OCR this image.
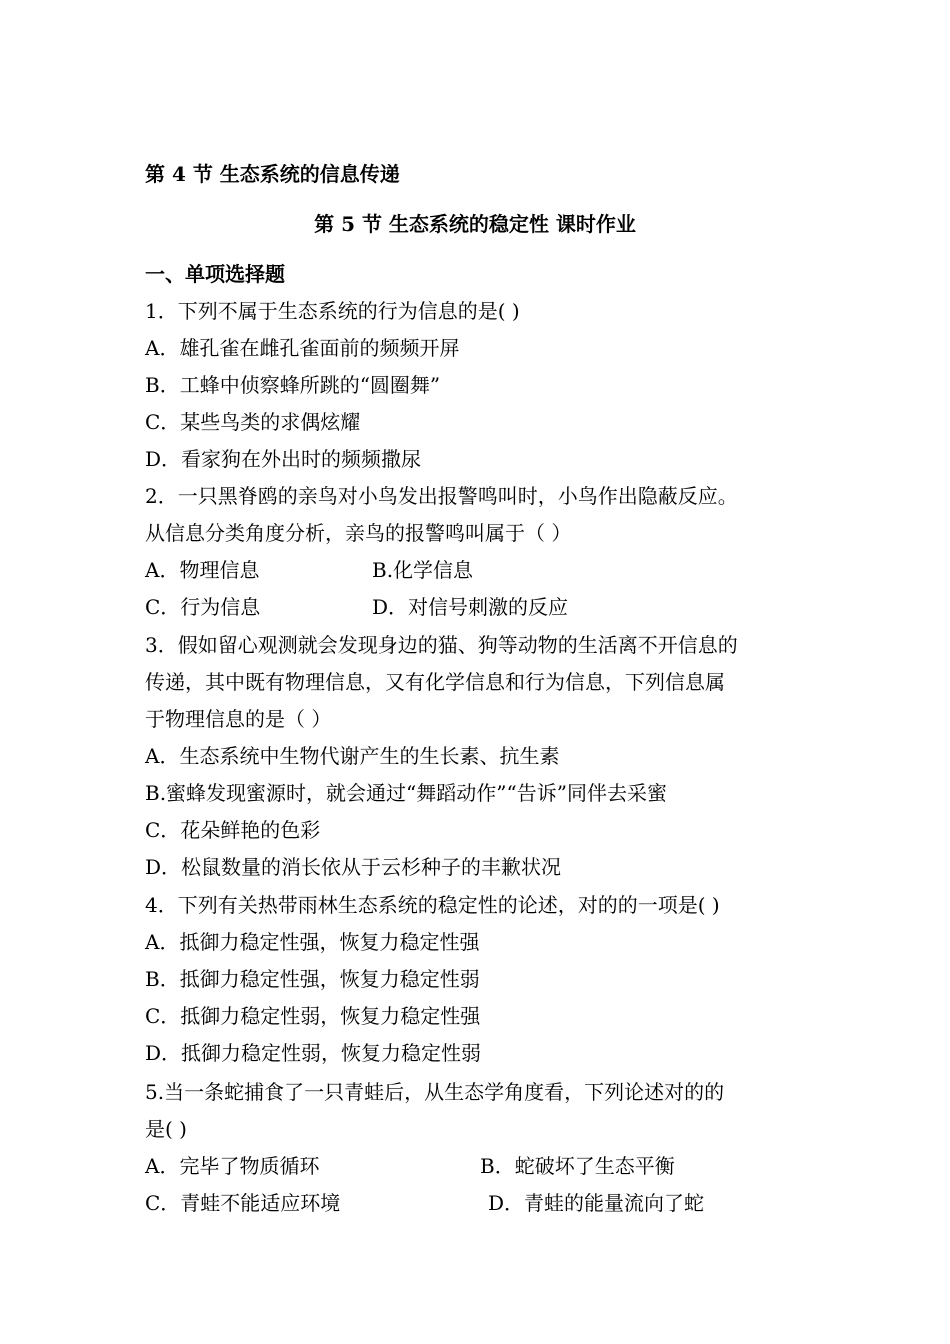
第 4 节 生态系统的信息传递
第 5 节 生态系统的稳定性 课时作业
一、单项选择题
1．下列不属于生态系统的行为信息的是( )
A．雄孔雀在雌孔雀面前的频频开屏
B．工蜂中侦察蜂所跳的“圆圈舞”
C．某些鸟类的求偶炫耀
D．看家狗在外出时的频频撒尿
2．一只黑脊鸥的亲鸟对小鸟发出报警鸣叫时，小鸟作出隐蔽反应。
从信息分类角度分析，亲鸟的报警鸣叫属于（ ）
A．物理信息	B.化学信息
C．行为信息	D．对信号刺激的反应
3．假如留心观测就会发现身边的猫、狗等动物的生活离不开信息的
传递，其中既有物理信息，又有化学信息和行为信息，下列信息属
于物理信息的是（ ）
A．生态系统中生物代谢产生的生长素、抗生素
B.蜜蜂发现蜜源时，就会通过“舞蹈动作”“告诉”同伴去采蜜
C．花朵鲜艳的色彩
D．松鼠数量的消长依从于云杉种子的丰歉状况
4．下列有关热带雨林生态系统的稳定性的论述，对的的一项是( )
A．抵御力稳定性强，恢复力稳定性强
B．抵御力稳定性强，恢复力稳定性弱
C．抵御力稳定性弱，恢复力稳定性强
D．抵御力稳定性弱，恢复力稳定性弱
5.当一条蛇捕食了一只青蛙后，从生态学角度看，下列论述对的的
是( )
A．完毕了物质循环	B．蛇破坏了生态平衡
C．青蛙不能适应环境	D．青蛙的能量流向了蛇
